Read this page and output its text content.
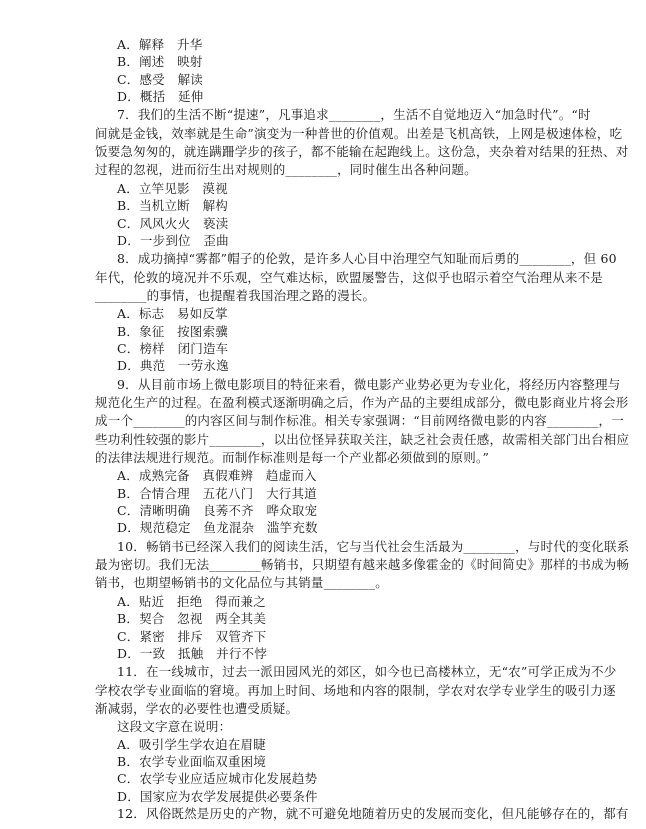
A．解释　升华
B．阐述　映射
C．感受　解读
D．概括　延伸
7．我们的生活不断“提速”，凡事追求________，生活不自觉地迈入“加急时代”。“时
间就是金钱，效率就是生命”演变为一种普世的价值观。出差是飞机高铁，上网是极速体检，吃
饭要急匆匆的，就连蹒跚学步的孩子，都不能输在起跑线上。这份急，夹杂着对结果的狂热、对
过程的忽视，进而衍生出对规则的________，同时催生出各种问题。
A．立竿见影　漠视
B．当机立断　解构
C．风风火火　亵渎
D．一步到位　歪曲
8．成功摘掉“雾都”帽子的伦敦，是许多人心目中治理空气知耻而后勇的________，但 60
年代，伦敦的境况并不乐观，空气难达标，欧盟屡警告，这似乎也昭示着空气治理从来不是
________的事情，也提醒着我国治理之路的漫长。
A．标志　易如反掌
B．象征　按图索骥
C．榜样　闭门造车
D．典范　一劳永逸
9．从目前市场上微电影项目的特征来看，微电影产业势必更为专业化，将经历内容整理与
规范化生产的过程。在盈利模式逐渐明确之后，作为产品的主要组成部分，微电影商业片将会形
成一个________的内容区间与制作标准。相关专家强调：“目前网络微电影的内容________，一
些功利性较强的影片________，以出位怪异获取关注，缺乏社会责任感，故需相关部门出台相应
的法律法规进行规范。而制作标准则是每一个产业都必须做到的原则。”
A．成熟完备　真假难辨　趋虚而入
B．合情合理　五花八门　大行其道
C．清晰明确　良莠不齐　哗众取宠
D．规范稳定　鱼龙混杂　滥竽充数
10．畅销书已经深入我们的阅读生活，它与当代社会生活最为________，与时代的变化联系
最为密切。我们无法________畅销书，只期望有越来越多像霍金的《时间简史》那样的书成为畅
销书，也期望畅销书的文化品位与其销量________。
A．贴近　拒绝　得而兼之
B．契合　忽视　两全其美
C．紧密　排斥　双管齐下
D．一致　抵触　并行不悖
11．在一线城市，过去一派田园风光的郊区，如今也已高楼林立，无“农”可学正成为不少
学校农学专业面临的窘境。再加上时间、场地和内容的限制，学农对农学专业学生的吸引力逐
渐减弱，学农的必要性也遭受质疑。
这段文字意在说明：
A．吸引学生学农迫在眉睫
B．农学专业面临双重困境
C．农学专业应适应城市化发展趋势
D．国家应为农学发展提供必要条件
12．风俗既然是历史的产物，就不可避免地随着历史的发展而变化，但凡能够存在的，都有
